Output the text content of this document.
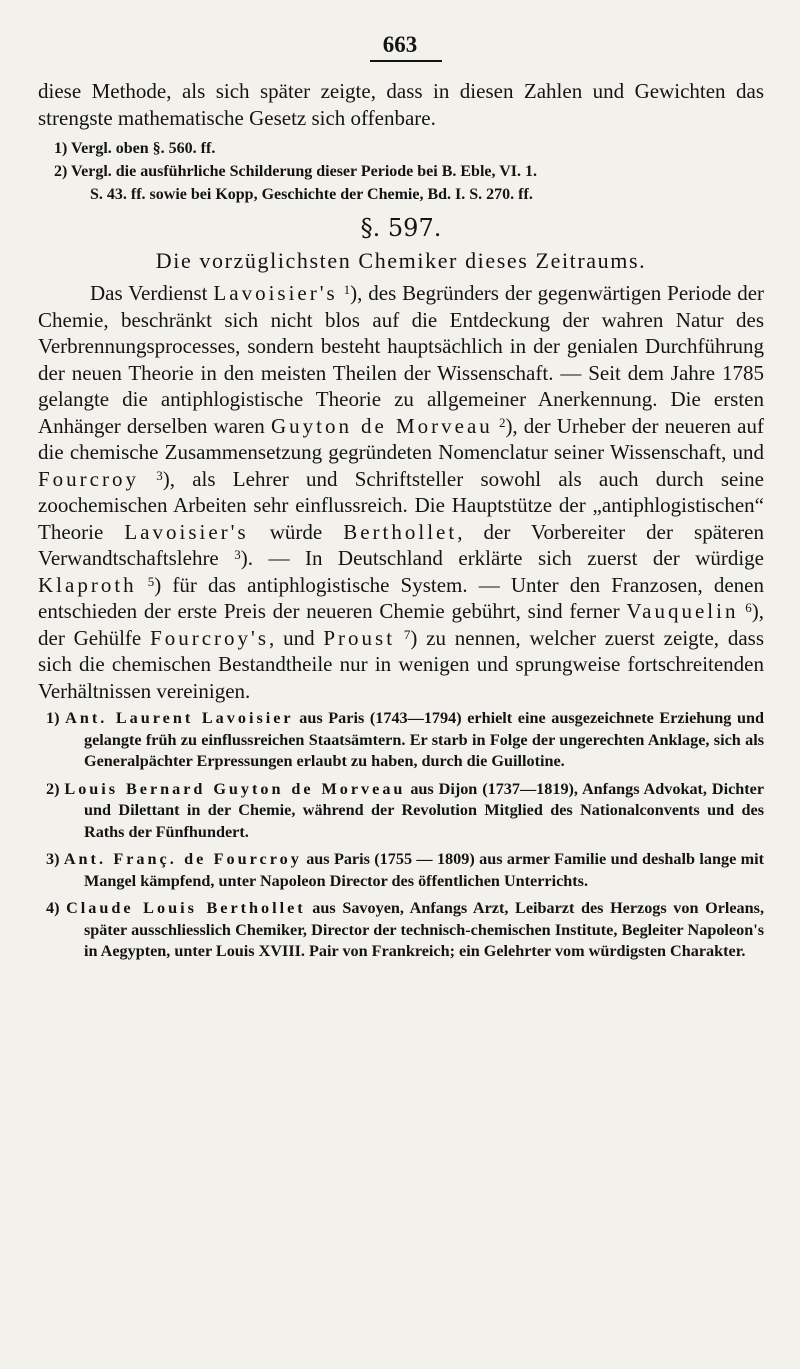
663

diese Methode, als sich später zeigte, dass in diesen Zahlen und Gewichten das strengste mathematische Gesetz sich offenbare.

1) Vergl. oben §. 560. ff.

2) Vergl. die ausführliche Schilderung dieser Periode bei B. Eble, VI. 1.
S. 43. ff. sowie bei Kopp, Geschichte der Chemie, Bd. I. S. 270. ff.

§. 597.
Die vorzüglichsten Chemiker dieses Zeitraums.

Das Verdienst Lavoisier's $^1$), des Begründers der gegenwärtigen Periode der Chemie, beschränkt sich nicht blos auf die Entdeckung der wahren Natur des Verbrennungsprocesses, sondern besteht hauptsächlich in der genialen Durchführung der neuen Theorie in den meisten Theilen der Wissenschaft. — Seit dem Jahre 1785 gelangte die antiphlogistische Theorie zu allgemeiner Anerkennung. Die ersten Anhänger derselben waren Guyton de Morveau $^2$), der Urheber der neueren auf die chemische Zusammensetzung gegründeten Nomenclatur seiner Wissenschaft, und Fourcroy $^3$), als Lehrer und Schriftsteller sowohl als auch durch seine zoochemischen Arbeiten sehr einflussreich. Die Hauptstütze der „antiphlogistischen“ Theorie Lavoisier's würde Berthollet, der Vorbereiter der späteren Verwandtschaftslehre $^3$). — In Deutschland erklärte sich zuerst der würdige Klaproth $^5$) für das antiphlogistische System. — Unter den Franzosen, denen entschieden der erste Preis der neueren Chemie gebührt, sind ferner Vauquelin $^6$), der Gehülfe Fourcroy's, und Proust $^7$) zu nennen, welcher zuerst zeigte, dass sich die chemischen Bestandtheile nur in wenigen und sprungweise fortschreitenden Verhältnissen vereinigen.

1) Ant. Laurent Lavoisier aus Paris (1743—1794) erhielt eine ausgezeichnete Erziehung und gelangte früh zu einflussreichen Staatsämtern. Er starb in Folge der ungerechten Anklage, sich als Generalpächter Erpressungen erlaubt zu haben, durch die Guillotine.

2) Louis Bernard Guyton de Morveau aus Dijon (1737—1819), Anfangs Advokat, Dichter und Dilettant in der Chemie, während der Revolution Mitglied des Nationalconvents und des Raths der Fünfhundert.

3) Ant. Franç. de Fourcroy aus Paris (1755 — 1809) aus armer Familie und deshalb lange mit Mangel kämpfend, unter Napoleon Director des öffentlichen Unterrichts.

4) Claude Louis Berthollet aus Savoyen, Anfangs Arzt, Leibarzt des Herzogs von Orleans, später ausschliesslich Chemiker, Director der technisch-chemischen Institute, Begleiter Napoleon's in Aegypten, unter Louis XVIII. Pair von Frankreich; ein Gelehrter vom würdigsten Charakter.
